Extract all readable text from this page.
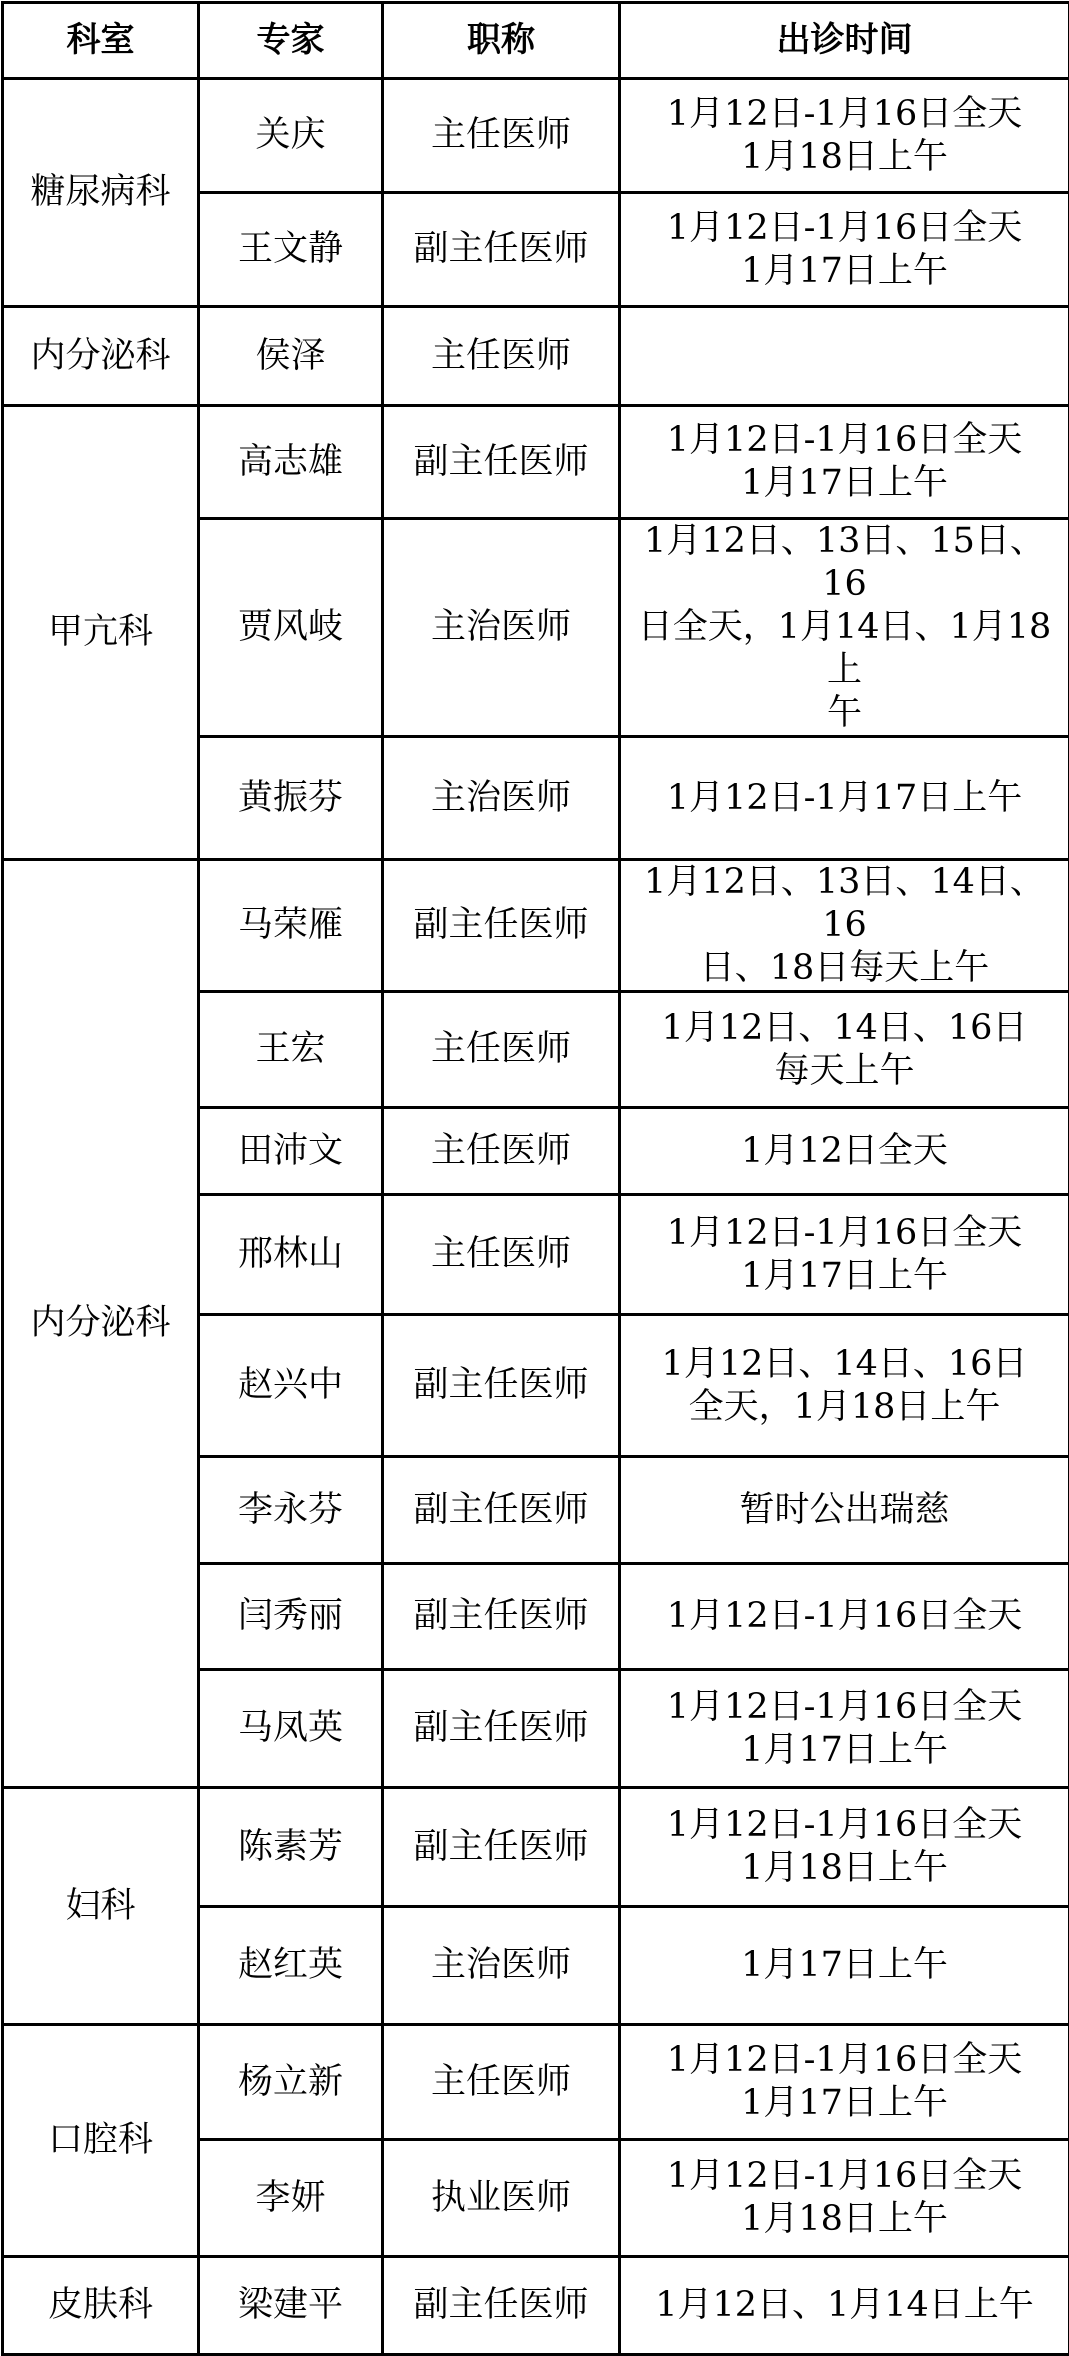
科室	专家	职称	出诊时间
糖尿病科	关庆	主任医师	1月12日-1月16日全天
1月18日上午

	王文静	副主任医师	1月12日-1月16日全天
1月17日上午

内分泌科	侯泽	主任医师	
甲亢科	高志雄	副主任医师	1月12日-1月16日全天
1月17日上午

	贾风岐	主治医师	1月12日、13日、15日、16
日全天，1月14日、1月18上
午

	黄振芬	主治医师	1月12日-1月17日上午

内分泌科	马荣雁	副主任医师	1月12日、13日、14日、16
日、18日每天上午

	王宏	主任医师	1月12日、14日、16日
每天上午

	田沛文	主任医师	1月12日全天

	邢林山	主任医师	1月12日-1月16日全天
1月17日上午

	赵兴中	副主任医师	1月12日、14日、16日
全天，1月18日上午

	李永芬	副主任医师	暂时公出瑞慈

	闫秀丽	副主任医师	1月12日-1月16日全天

	马凤英	副主任医师	1月12日-1月16日全天
1月17日上午

妇科	陈素芳	副主任医师	1月12日-1月16日全天
1月18日上午

	赵红英	主治医师	1月17日上午

口腔科	杨立新	主任医师	1月12日-1月16日全天
1月17日上午

	李妍	执业医师	1月12日-1月16日全天
1月18日上午

皮肤科	梁建平	副主任医师	1月12日、1月14日上午
